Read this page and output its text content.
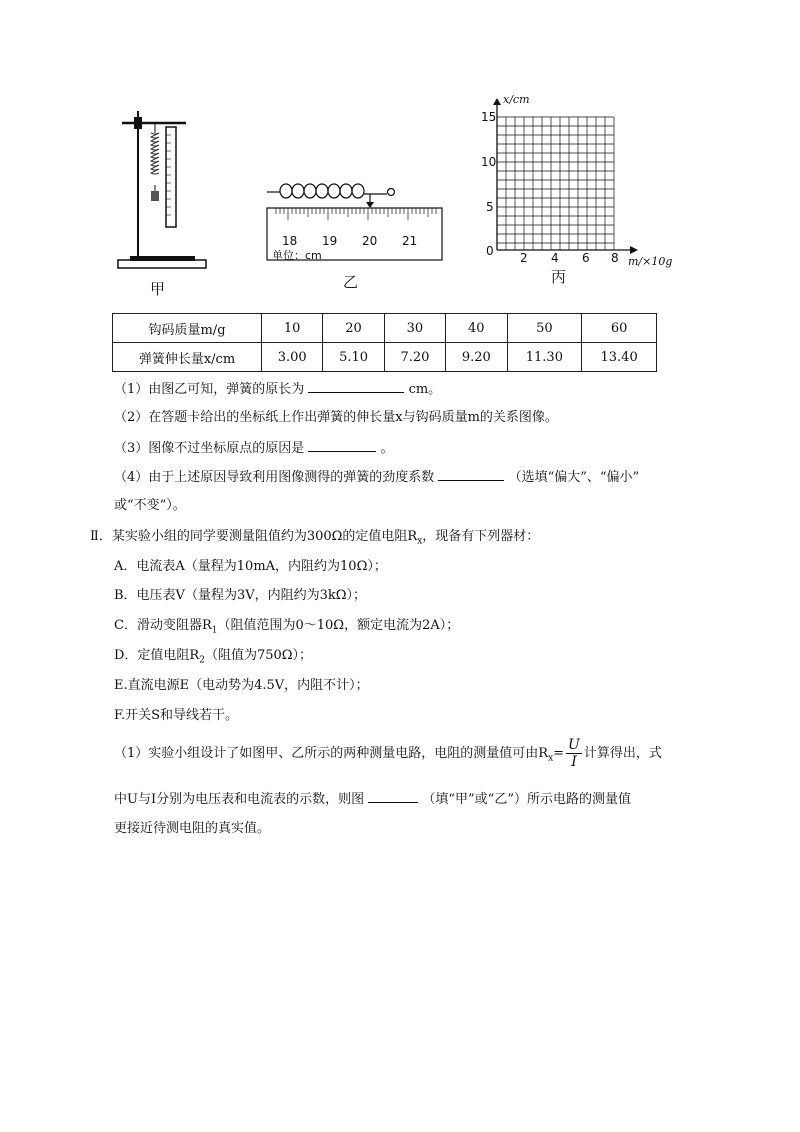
甲
18 19 20 21
单位：cm
乙
x/cm
15
10
5
0 2 4 6 8 m/×10g
丙
钩码质量m/g	10	20	30	40	50	60
弹簧伸长量x/cm	3.00	5.10	7.20	9.20	11.30	13.40
（1）由图乙可知，弹簧的原长为	cm。
（2）在答题卡给出的坐标纸上作出弹簧的伸长量x与钩码质量m的关系图像。
（3）图像不过坐标原点的原因是	。
（4）由于上述原因导致利用图像测得的弹簧的劲度系数	（选填“偏大”、“偏小”
或“不变”）。
Ⅱ．某实验小组的同学要测量阻值约为300Ω的定值电阻$R_x$，现备有下列器材：
A．电流表A（量程为10mA，内阻约为10Ω）；
B．电压表V（量程为3V，内阻约为3kΩ）；
C．滑动变阻器$R_1$（阻值范围为0～10Ω，额定电流为2A）；
D．定值电阻$R_2$（阻值为750Ω）；
E.直流电源E（电动势为4.5V，内阻不计）；
F.开关S和导线若干。
（1）实验小组设计了如图甲、乙所示的两种测量电路，电阻的测量值可由$R_x= \frac{U}{I}$ 计算得出，式
中U与I分别为电压表和电流表的示数，则图	（填“甲”或“乙”）所示电路的测量值
更接近待测电阻的真实值。
